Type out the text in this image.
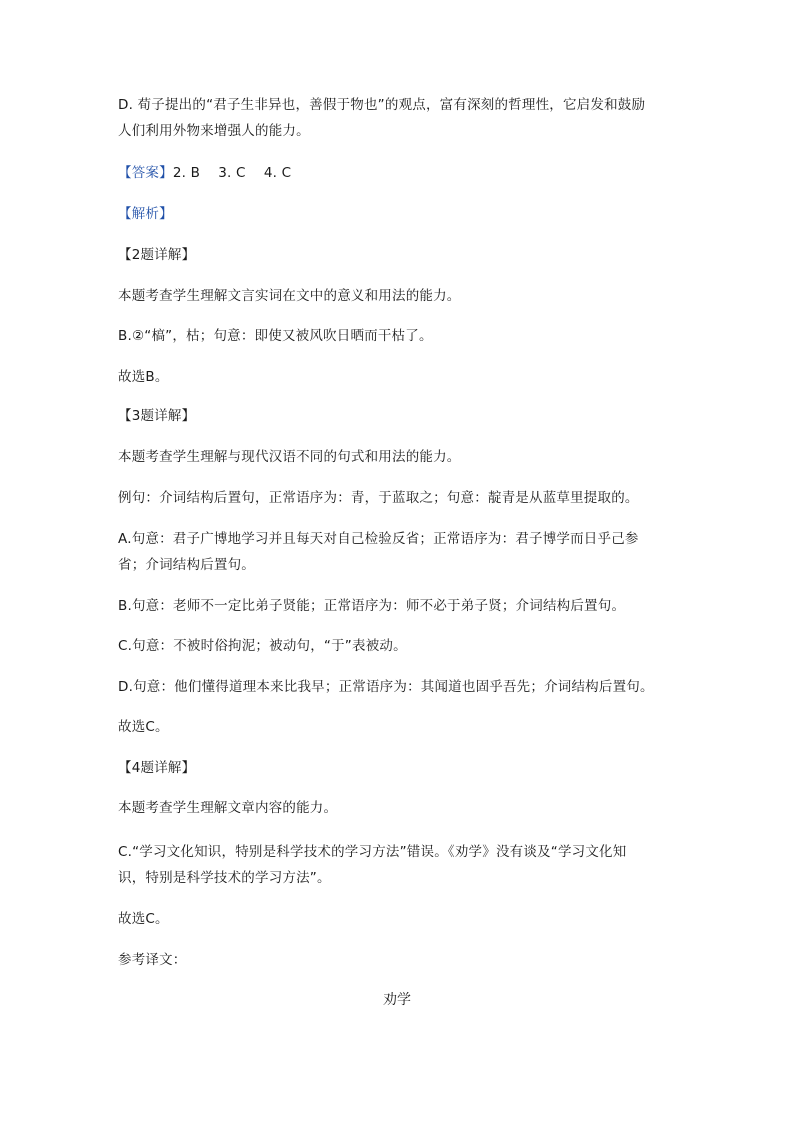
D. 荀子提出的“君子生非异也，善假于物也”的观点，富有深刻的哲理性，它启发和鼓励
人们利用外物来增强人的能力。
【答案】2. B　 3. C　 4. C
【解析】
【2题详解】
本题考查学生理解文言实词在文中的意义和用法的能力。
B.②“槁”，枯；句意：即使又被风吹日晒而干枯了。
故选B。
【3题详解】
本题考查学生理解与现代汉语不同的句式和用法的能力。
例句：介词结构后置句，正常语序为：青，于蓝取之；句意：靛青是从蓝草里提取的。
A.句意：君子广博地学习并且每天对自己检验反省；正常语序为：君子博学而日乎己参
省；介词结构后置句。
B.句意：老师不一定比弟子贤能；正常语序为：师不必于弟子贤；介词结构后置句。
C.句意：不被时俗拘泥；被动句，“于”表被动。
D.句意：他们懂得道理本来比我早；正常语序为：其闻道也固乎吾先；介词结构后置句。
故选C。
【4题详解】
本题考查学生理解文章内容的能力。
C.“学习文化知识，特别是科学技术的学习方法”错误。《劝学》没有谈及“学习文化知
识，特别是科学技术的学习方法”。
故选C。
参考译文：
劝学
